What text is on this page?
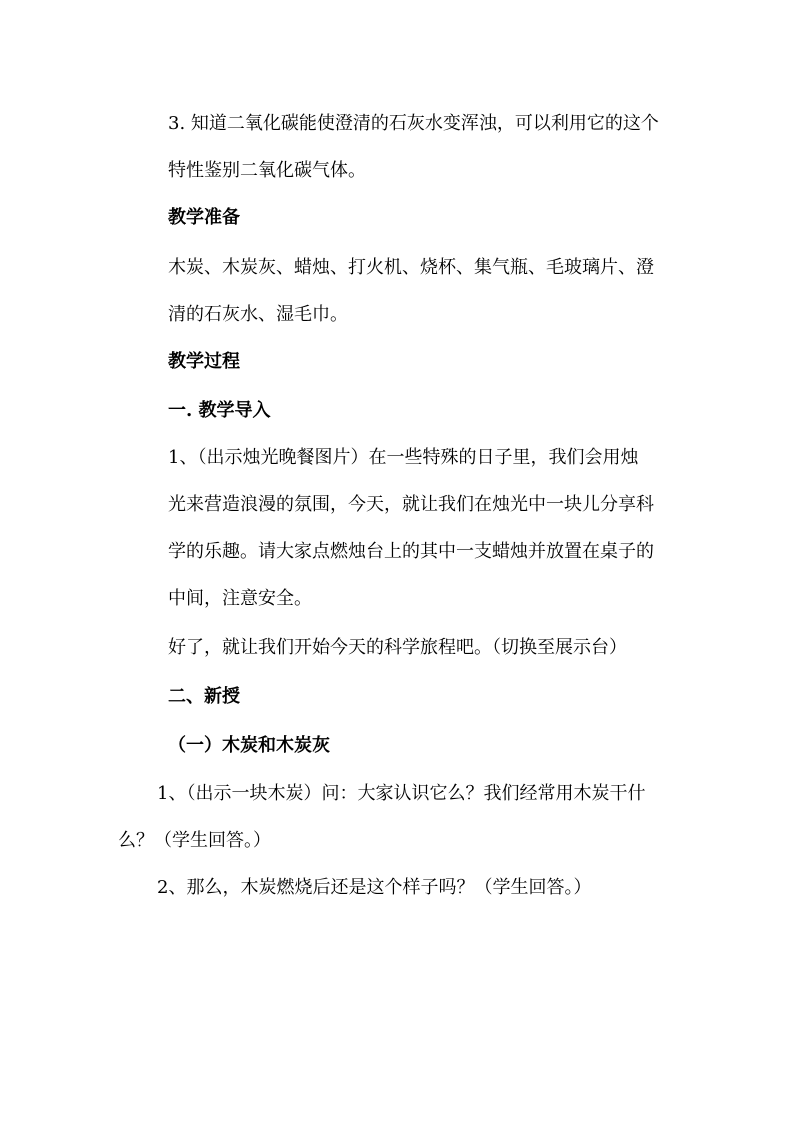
3. 知道二氧化碳能使澄清的石灰水变浑浊，可以利用它的这个

特性鉴别二氧化碳气体。

教学准备

木炭、木炭灰、蜡烛、打火机、烧杯、集气瓶、毛玻璃片、澄

清的石灰水、湿毛巾。

教学过程

一. 教学导入

1、（出示烛光晚餐图片）在一些特殊的日子里，我们会用烛

光来营造浪漫的氛围，今天，就让我们在烛光中一块儿分享科

学的乐趣。请大家点燃烛台上的其中一支蜡烛并放置在桌子的

中间，注意安全。

好了，就让我们开始今天的科学旅程吧。（切换至展示台）

二、新授

（一）木炭和木炭灰

1、（出示一块木炭）问：大家认识它么？我们经常用木炭干什

么？（学生回答。）

2、那么，木炭燃烧后还是这个样子吗？（学生回答。）
